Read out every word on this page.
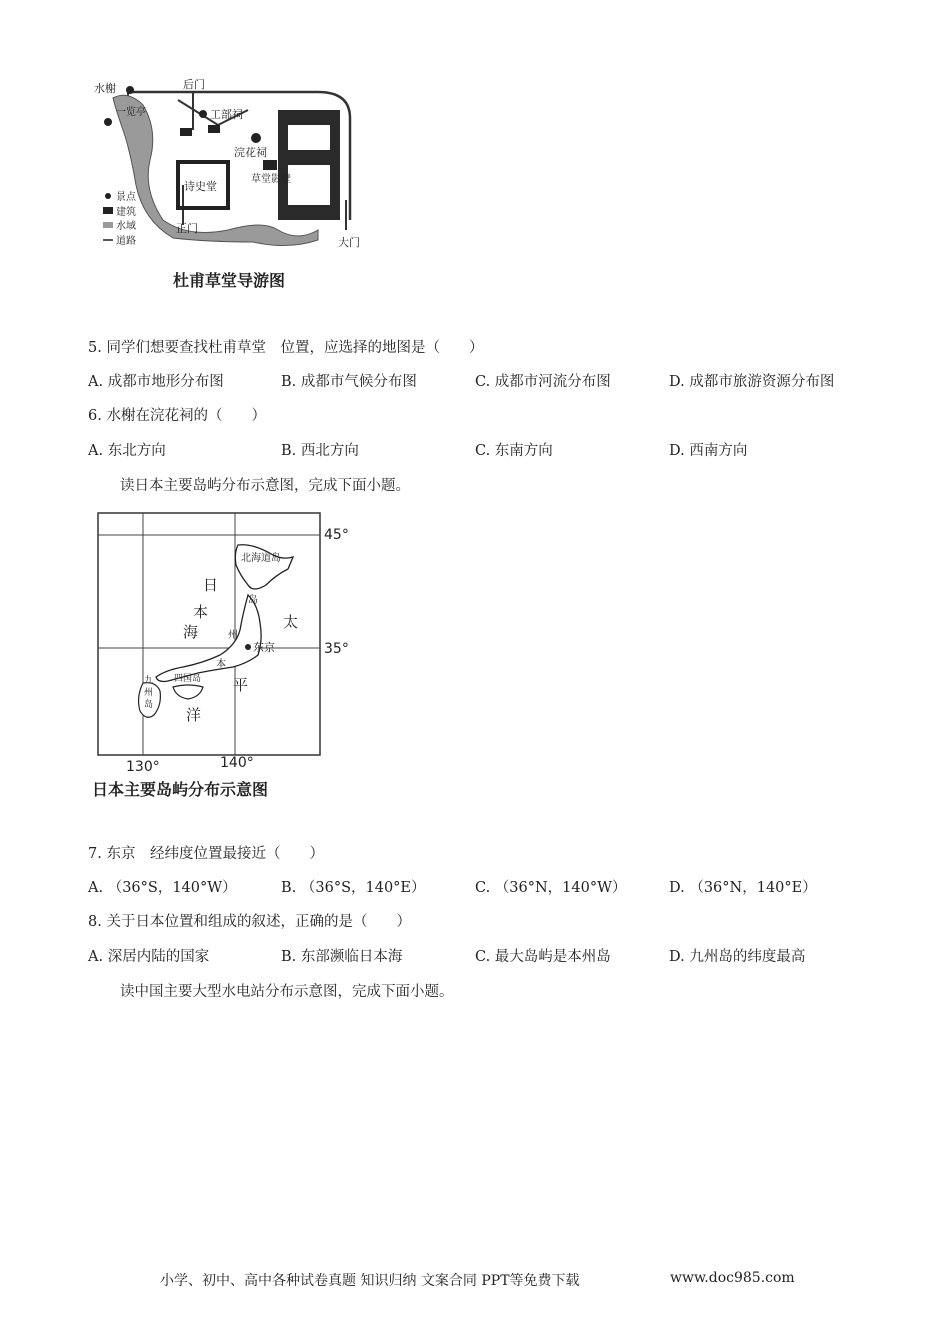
水榭	后门
一览亭	工部祠
浣花祠
诗史堂
草堂影壁 展览室
正门
大门
景点
建筑
水域
道路
杜甫草堂导游图
5. 同学们想要查找杜甫草堂　位置，应选择的地图是（　　）
A. 成都市地形分布图	B. 成都市气候分布图	C. 成都市河流分布图	D. 成都市旅游资源分布图
6. 水榭在浣花祠的（　　）
A. 东北方向	B. 西北方向	C. 东南方向	D. 西南方向
读日本主要岛屿分布示意图，完成下面小题。
东京
45°
35°
130°	140°
日
本
海
太
平
洋
北海道岛
本
州
岛
四国岛
九
州
岛
日本主要岛屿分布示意图
7. 东京　经纬度位置最接近（　　）
A. （36°S，140°W）	B. （36°S，140°E）	C. （36°N，140°W）	D. （36°N，140°E）
8. 关于日本位置和组成的叙述，正确的是（　　）
A. 深居内陆的国家	B. 东部濒临日本海	C. 最大岛屿是本州岛	D. 九州岛的纬度最高
读中国主要大型水电站分布示意图，完成下面小题。
小学、初中、高中各种试卷真题 知识归纳 文案合同 PPT等免费下载	www.doc985.com
